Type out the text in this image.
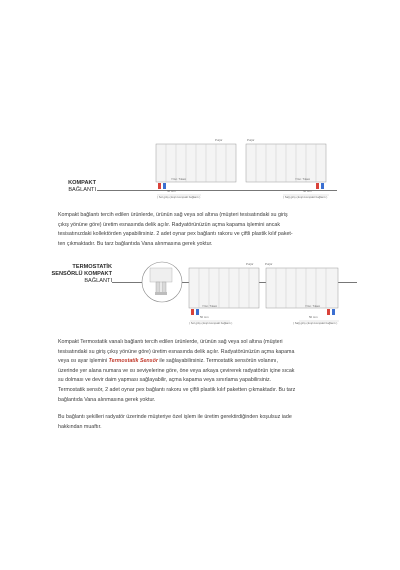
KOMPAKT
BAĞLANTI
Purjör
Y.Gır. Tıkacı
50 mm
( Sol giriş çıkışlı kompakt bağlantı )
Purjör
Y.Gır. Tıkacı
50 mm
( Sağ giriş çıkışlı kompakt bağlantı )
Kompakt bağlantı tercih edilen ürünlerde, ürünün sağ veya sol altına (müşteri tesisatındaki su giriş
çıkış yönüne göre) üretim esnasında delik açılır. Radyatörünüzün açma kapama işlemini ancak
tesisatınızdaki kollektörden yapabilirsiniz. 2 adet oynar pex bağlantı rakoru ve çiftli plastik kılıf paket-
ten çıkmaktadır. Bu tarz bağlantıda Vana alınmasına gerek yoktur.
TERMOSTATİK
SENSÖRLÜ KOMPAKT
BAĞLANTI
Purjör
Y.Gır. Tıkacı
50 mm
( Sol giriş çıkışlı kompakt bağlantı )
Purjör
Y.Gır. Tıkacı
50 mm
( Sağ giriş çıkışlı kompakt bağlantı )
Kompakt Termostatik vanalı bağlantı tercih edilen ürünlerde, ürünün sağ veya sol altına (müşteri
tesisatındaki su giriş çıkış yönüne göre) üretim esnasında delik açılır. Radyatörünüzün açma kapama
veya ısı ayar işlemini Termostatik Sensör ile sağlayabilirsiniz. Termostatik sensörün volanını,
üzerinde yer alana numara ve ısı seviyelerine göre, öne veya arkaya çevirerek radyatörün içine sıcak
su dolması ve devir daim yapması sağlayabilir, açma kapama veya sınırlama yapabilirsiniz.
Termostatik sensör, 2 adet oynar pex bağlantı rakoru ve çiftli plastik kılıf paketten çıkmaktadır. Bu tarz
bağlantıda Vana alınmasına gerek yoktur.
Bu bağlantı şekilleri radyatör üzerinde müşteriye özel işlem ile üretim gerektirdiğinden koşulsuz iade
hakkından muaftır.
